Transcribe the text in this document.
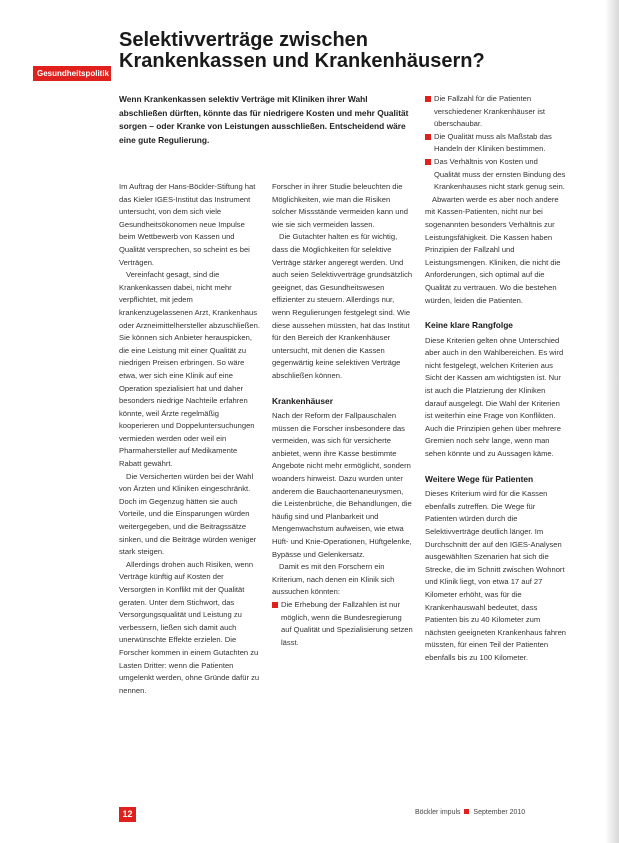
Selektivverträge zwischen
Krankenkassen und Krankenhäusern?
Gesundheitspolitik

Wenn Krankenkassen selektiv Verträge mit Kliniken ihrer Wahl abschließen dürften, könnte das für niedrigere Kosten und mehr Qualität sorgen – oder Kranke von Leistungen ausschließen. Entscheidend wäre eine gute Regulierung.

Im Auftrag der Hans-Böckler-Stiftung hat das Kieler IGES-Institut das Instrument untersucht, von dem sich viele Gesundheitsökonomen neue Impulse beim Wettbewerb von Kassen und Qualität versprechen, so scheint es bei Verträgen.

Vereinfacht gesagt, sind die Krankenkassen dabei, nicht mehr verpflichtet, mit jedem krankenzugelassenen Arzt, Krankenhaus oder Arzneimittelhersteller abzuschließen. Sie können sich Anbieter herauspicken, die eine Leistung mit einer Qualität zu niedrigen Preisen erbringen. So wäre etwa, wer sich eine Klinik auf eine Operation spezialisiert hat und daher besonders niedrige Nachteile erfahren könnte, weil Ärzte regelmäßig kooperieren und Doppeluntersuchungen vermieden werden oder weil ein Pharmahersteller auf Medikamente Rabatt gewährt.

Die Versicherten würden bei der Wahl von Ärzten und Kliniken eingeschränkt. Doch im Gegenzug hätten sie auch Vorteile, und die Einsparungen würden weitergegeben, und die Beitragssätze sinken, und die Beiträge würden weniger stark steigen.

Allerdings drohen auch Risiken, wenn Verträge künftig auf Kosten der Versorgten in Konflikt mit der Qualität geraten. Unter dem Stichwort, das Versorgungsqualität und Leistung zu verbessern, ließen sich damit auch unerwünschte Effekte erzielen. Die Forscher kommen in einem Gutachten zu Lasten Dritter: wenn die Patienten umgelenkt werden, ohne Gründe dafür zu nennen.

Forscher in ihrer Studie beleuchten die Möglichkeiten, wie man die Risiken solcher Missstände vermeiden kann und wie sie sich vermeiden lassen.

Die Gutachter halten es für wichtig, dass die Möglichkeiten für selektive Verträge stärker angeregt werden. Und auch seien Selektivverträge grundsätzlich geeignet, das Gesundheitswesen effizienter zu steuern. Allerdings nur, wenn Regulierungen festgelegt sind. Wie diese aussehen müssten, hat das Institut für den Bereich der Krankenhäuser untersucht, mit denen die Kassen gegenwärtig keine selektiven Verträge abschließen können.

Krankenhäuser

Nach der Reform der Fallpauschalen müssen die Forscher insbesondere das vermeiden, was sich für versicherte anbietet, wenn ihre Kasse bestimmte Angebote nicht mehr ermöglicht, sondern woanders hinweist. Dazu wurden unter anderem die Bauchaortenaneurysmen, die Leistenbrüche, die Behandlungen, die häufig sind und Planbarkeit und Mengenwachstum aufweisen, wie etwa Hüft- und Knie-Operationen, Hüftgelenke, Bypässe und Gelenkersatz.

Damit es mit den Forschern ein Kriterium, nach denen ein Klinik sich aussuchen könnten:

Die Erhebung der Fallzahlen ist nur möglich, wenn die Bundesregierung auf Qualität und Spezialisierung setzen lässt.

Die Fallzahl für die Patienten verschiedener Krankenhäuser ist überschaubar.

Die Qualität muss als Maßstab das Handeln der Kliniken bestimmen.

Das Verhältnis von Kosten und Qualität muss der ernsten Bindung des Krankenhauses nicht stark genug sein.

Abwarten werde es aber noch andere mit Kassen-Patienten, nicht nur bei sogenannten besonders Verhältnis zur Leistungsfähigkeit. Die Kassen haben Prinzipien der Fallzahl und Leistungsmengen. Kliniken, die nicht die Anforderungen, sich optimal auf die Qualität zu vertrauen. Wo die bestehen würden, leiden die Patienten.

Keine klare Rangfolge

Diese Kriterien gelten ohne Unterschied aber auch in den Wahlbereichen. Es wird nicht festgelegt, welchen Kriterien aus Sicht der Kassen am wichtigsten ist. Nur ist auch die Platzierung der Kliniken darauf ausgelegt. Die Wahl der Kriterien ist weiterhin eine Frage von Konflikten. Auch die Prinzipien gehen über mehrere Gremien noch sehr lange, wenn man sehen könnte und zu Aussagen käme.

Weitere Wege für Patienten

Dieses Kriterium wird für die Kassen ebenfalls zutreffen. Die Wege für Patienten würden durch die Selektivverträge deutlich länger. Im Durchschnitt der auf den IGES-Analysen ausgewählten Szenarien hat sich die Strecke, die im Schnitt zwischen Wohnort und Klinik liegt, von etwa 17 auf 27 Kilometer erhöht, was für die Krankenhauswahl bedeutet, dass Patienten bis zu 40 Kilometer zum nächsten geeigneten Krankenhaus fahren müssten, für einen Teil der Patienten ebenfalls bis zu 100 Kilometer.

12	Böckler impuls September 2010
